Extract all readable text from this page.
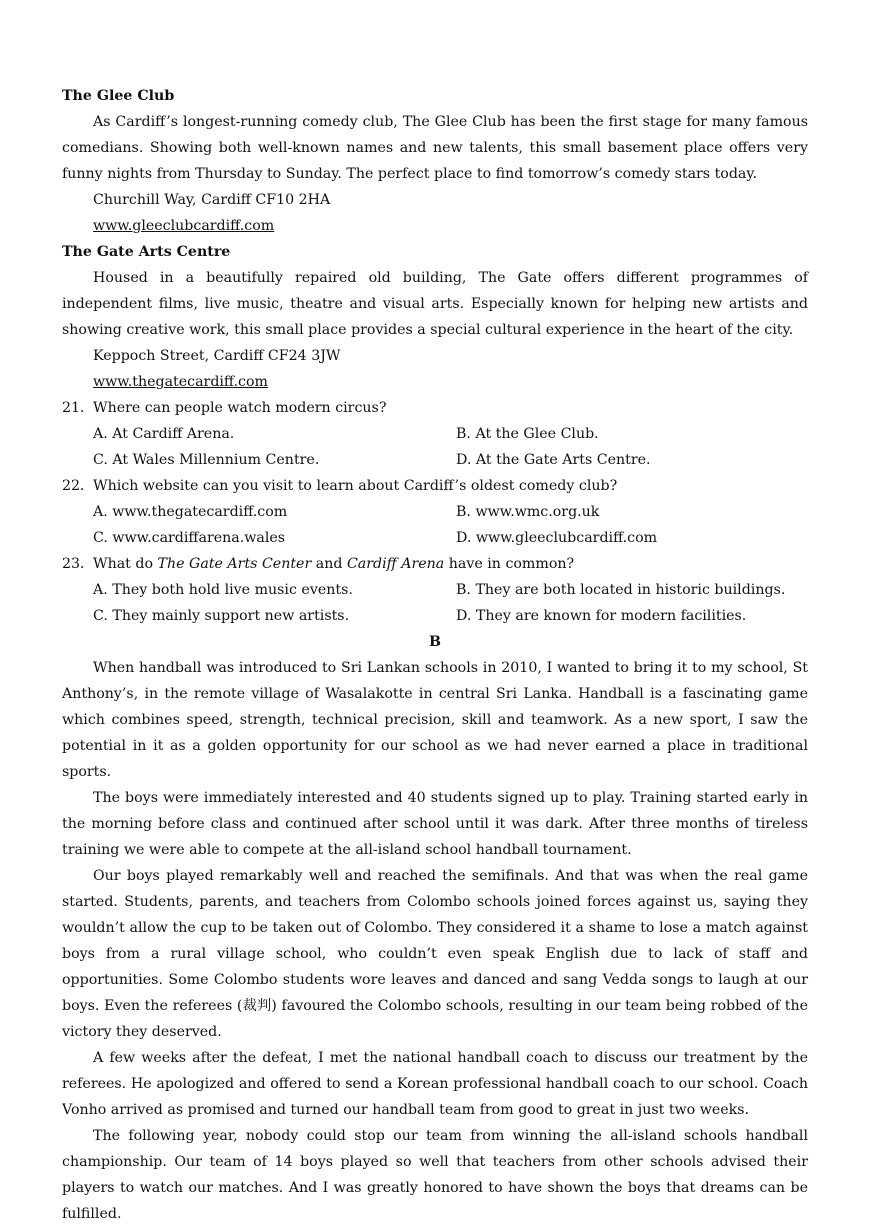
The Glee Club
As Cardiff’s longest-running comedy club, The Glee Club has been the first stage for many famous comedians. Showing both well-known names and new talents, this small basement place offers very funny nights from Thursday to Sunday. The perfect place to find tomorrow’s comedy stars today.
Churchill Way, Cardiff CF10 2HA
www.gleeclubcardiff.com
The Gate Arts Centre
Housed in a beautifully repaired old building, The Gate offers different programmes of independent films, live music, theatre and visual arts. Especially known for helping new artists and showing creative work, this small place provides a special cultural experience in the heart of the city.
Keppoch Street, Cardiff CF24 3JW
www.thegatecardiff.com
21．Where can people watch modern circus?
A. At Cardiff Arena.	B. At the Glee Club.
C. At Wales Millennium Centre.	D. At the Gate Arts Centre.
22．Which website can you visit to learn about Cardiff’s oldest comedy club?
A. www.thegatecardiff.com	B. www.wmc.org.uk
C. www.cardiffarena.wales	D. www.gleeclubcardiff.com
23．What do The Gate Arts Center and Cardiff Arena have in common?
A. They both hold live music events.	B. They are both located in historic buildings.
C. They mainly support new artists.	D. They are known for modern facilities.
B
When handball was introduced to Sri Lankan schools in 2010, I wanted to bring it to my school, St Anthony’s, in the remote village of Wasalakotte in central Sri Lanka. Handball is a fascinating game which combines speed, strength, technical precision, skill and teamwork. As a new sport, I saw the potential in it as a golden opportunity for our school as we had never earned a place in traditional sports.
The boys were immediately interested and 40 students signed up to play. Training started early in the morning before class and continued after school until it was dark. After three months of tireless training we were able to compete at the all-island school handball tournament.
Our boys played remarkably well and reached the semifinals. And that was when the real game started. Students, parents, and teachers from Colombo schools joined forces against us, saying they wouldn’t allow the cup to be taken out of Colombo. They considered it a shame to lose a match against boys from a rural village school, who couldn’t even speak English due to lack of staff and opportunities. Some Colombo students wore leaves and danced and sang Vedda songs to laugh at our boys. Even the referees (裁判) favoured the Colombo schools, resulting in our team being robbed of the victory they deserved.
A few weeks after the defeat, I met the national handball coach to discuss our treatment by the referees. He apologized and offered to send a Korean professional handball coach to our school. Coach Vonho arrived as promised and turned our handball team from good to great in just two weeks.
The following year, nobody could stop our team from winning the all-island schools handball championship. Our team of 14 boys played so well that teachers from other schools advised their players to watch our matches. And I was greatly honored to have shown the boys that dreams can be fulfilled.
